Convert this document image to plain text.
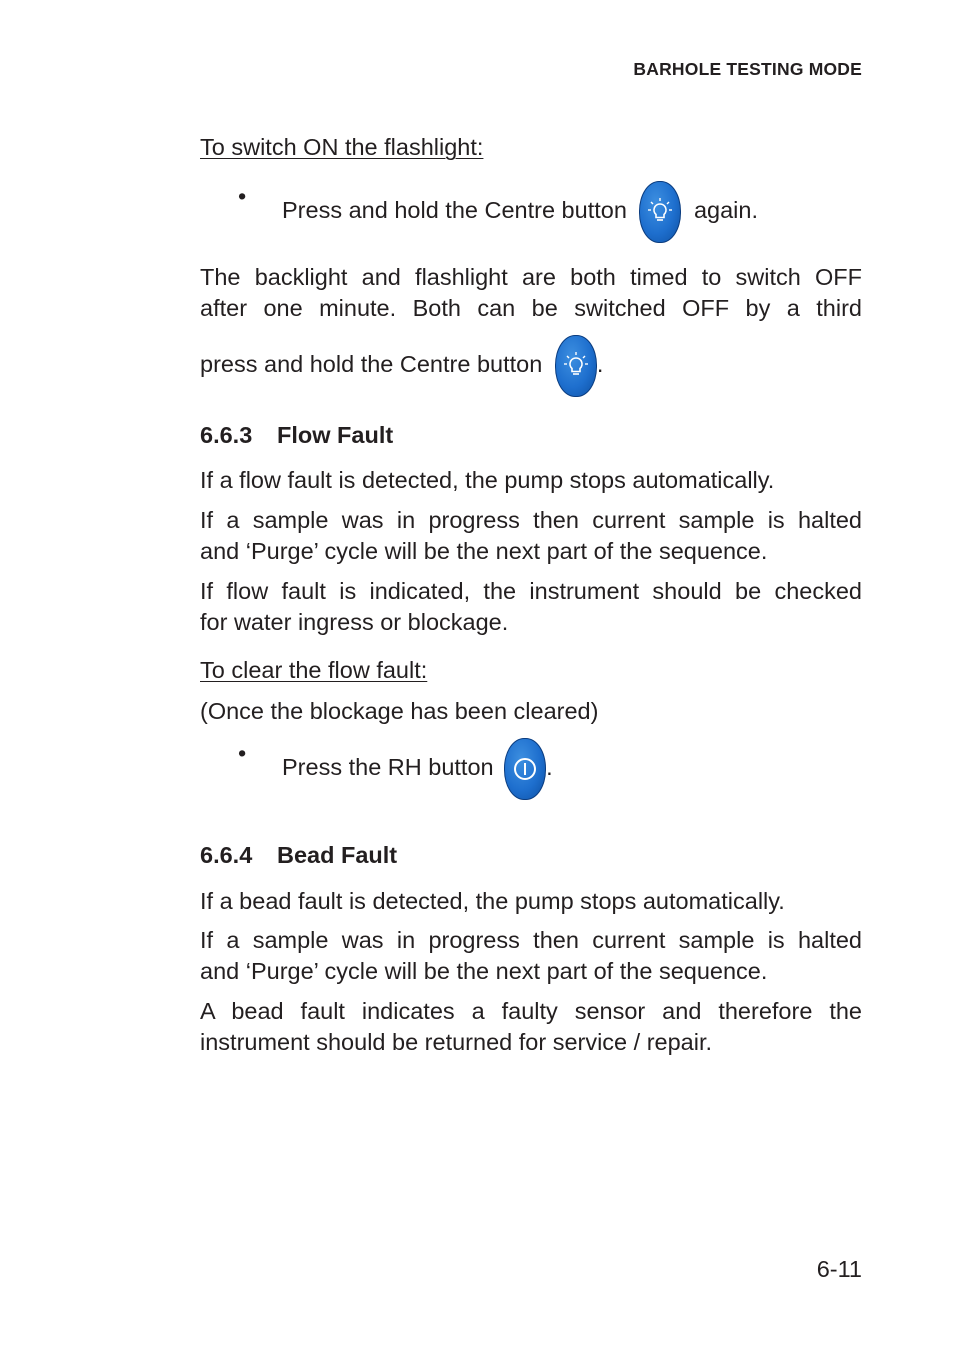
BARHOLE TESTING MODE
To switch ON the flashlight:
•
Press and hold the Centre button	again.
The backlight and flashlight are both timed to switch OFF
after one minute. Both can be switched OFF by a third
press and hold the Centre button .
6.6.3 Flow Fault
If a flow fault is detected, the pump stops automatically.
If a sample was in progress then current sample is halted
and ‘Purge’ cycle will be the next part of the sequence.
If flow fault is indicated, the instrument should be checked
for water ingress or blockage.
To clear the flow fault:
(Once the blockage has been cleared)
•
Press the RH button .
6.6.4 Bead Fault
If a bead fault is detected, the pump stops automatically.
If a sample was in progress then current sample is halted
and ‘Purge’ cycle will be the next part of the sequence.
A bead fault indicates a faulty sensor and therefore the
instrument should be returned for service / repair.
6-11
